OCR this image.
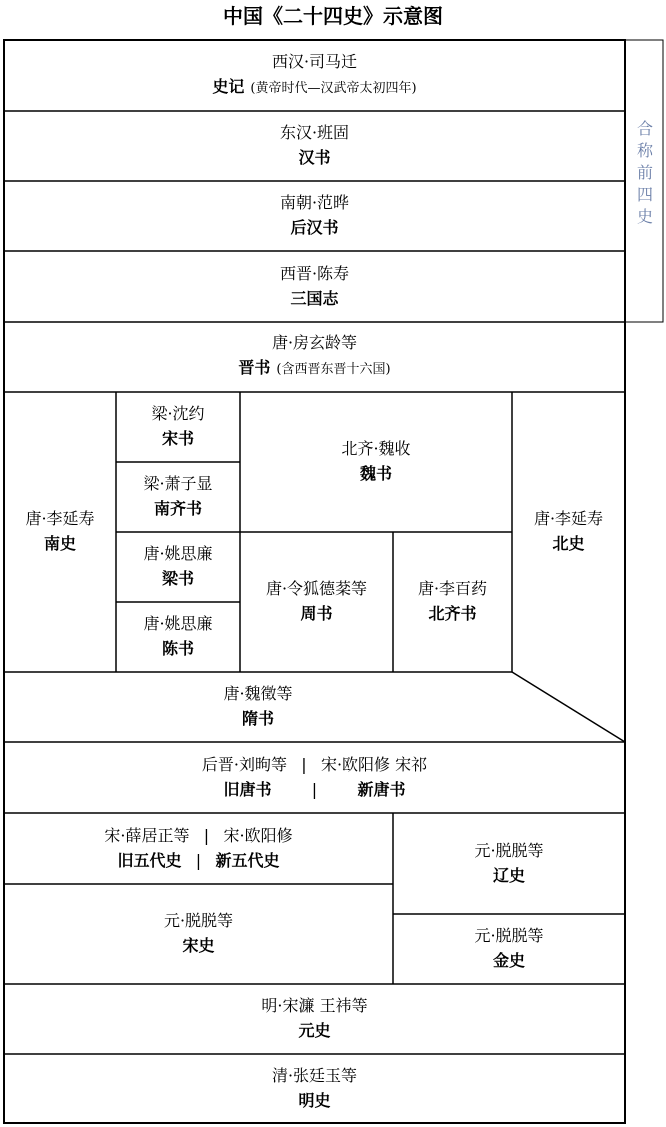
中国《二十四史》示意图
合
称
前
四
史
西汉·司马迁
史记 (黄帝时代—汉武帝太初四年)
东汉·班固
汉书
南朝·范晔
后汉书
西晋·陈寿
三国志
唐·房玄龄等
晋书 (含西晋东晋十六国)
唐·李延寿
南史
梁·沈约
宋书
梁·萧子显
南齐书
唐·姚思廉
梁书
唐·姚思廉
陈书
北齐·魏收
魏书
唐·令狐德棻等
周书
唐·李百药
北齐书
唐·李延寿
北史
唐·魏徵等
隋书
后晋·刘昫等 | 宋·欧阳修 宋祁
旧唐书	|	新唐书
宋·薛居正等 | 宋·欧阳修
旧五代史 | 新五代史
元·脱脱等
辽史
元·脱脱等
宋史
元·脱脱等
金史
明·宋濂 王祎等
元史
清·张廷玉等
明史
